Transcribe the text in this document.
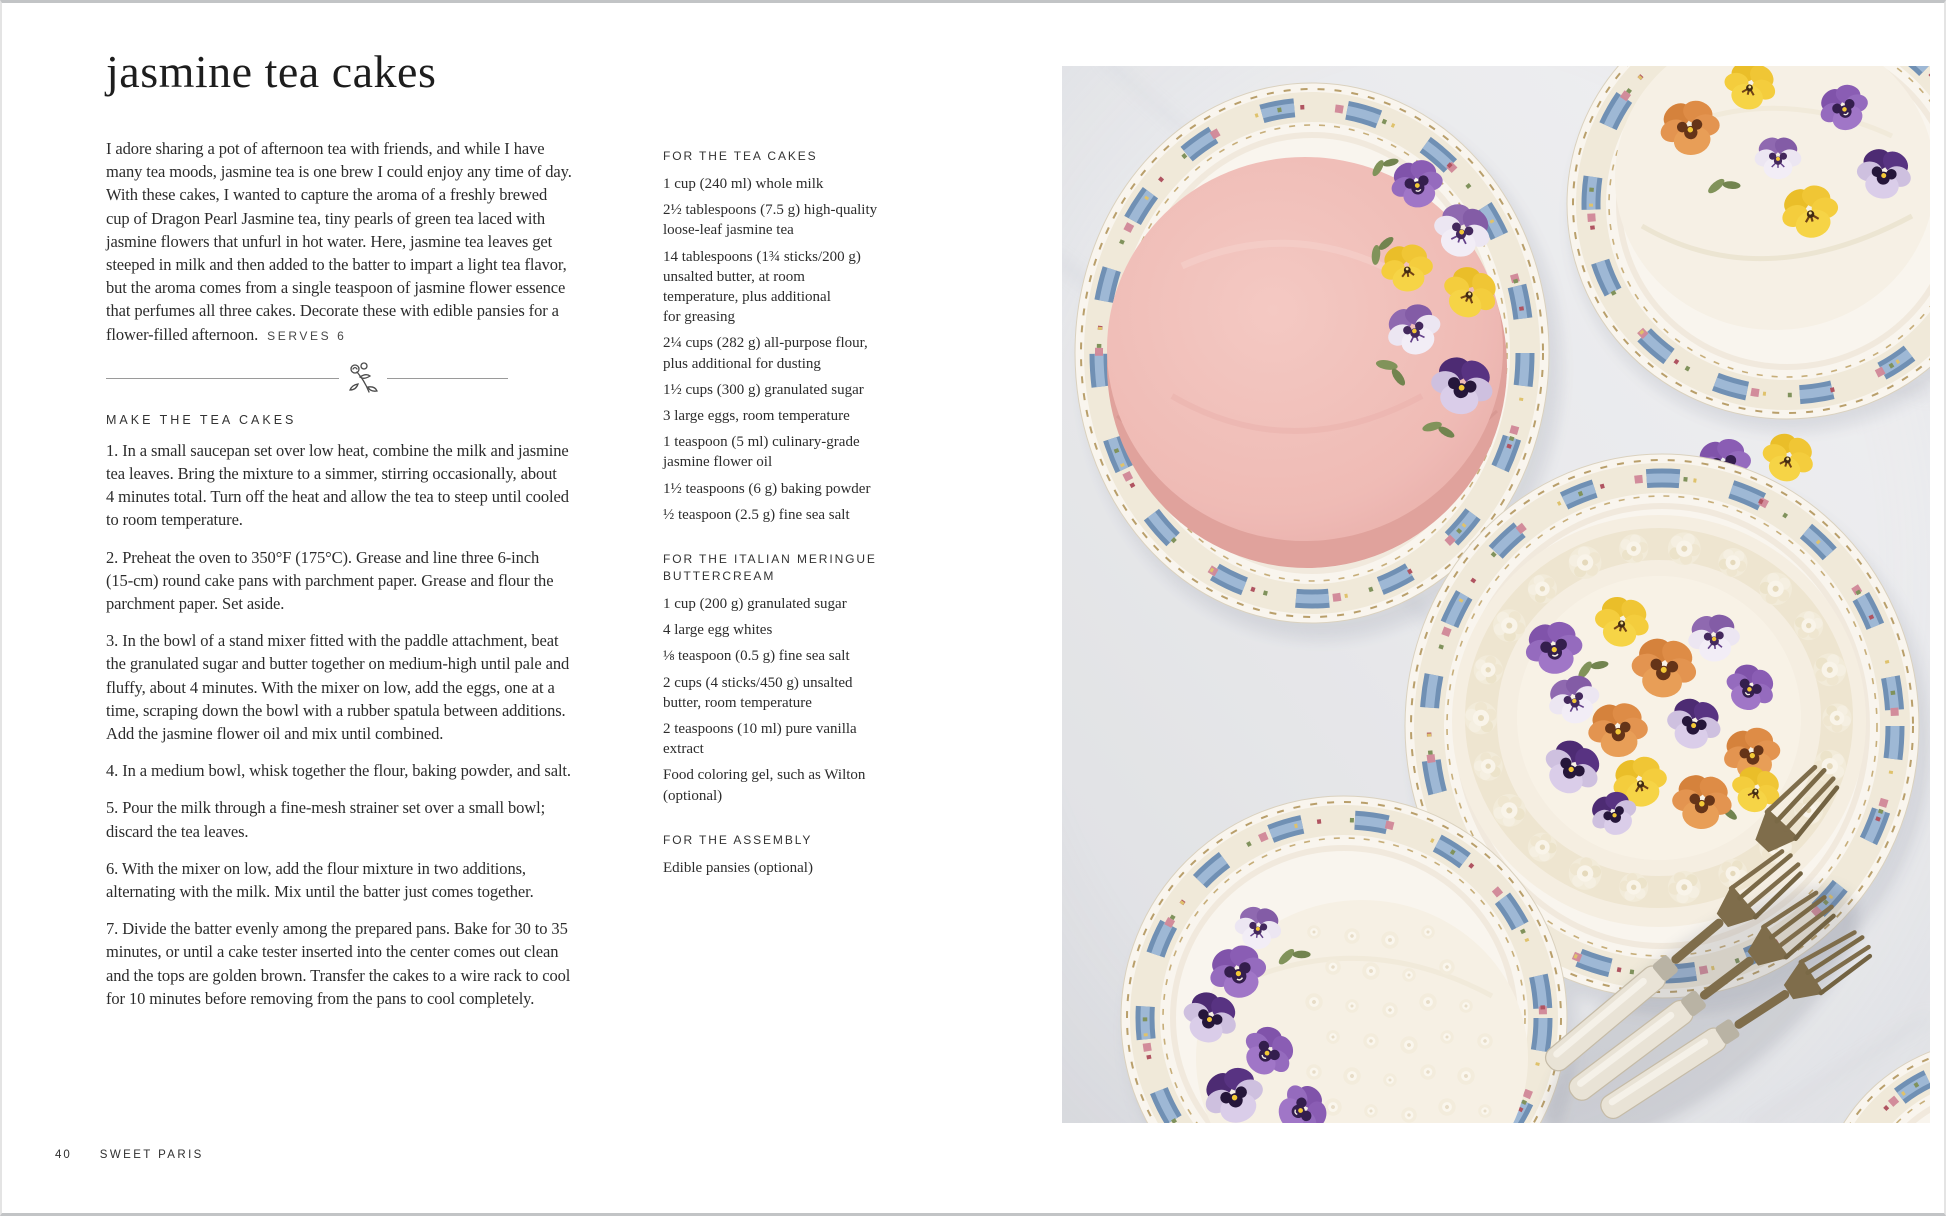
jasmine tea cakes
I adore sharing a pot of afternoon tea with friends, and while I have
many tea moods, jasmine tea is one brew I could enjoy any time of day.
With these cakes, I wanted to capture the aroma of a freshly brewed
cup of Dragon Pearl Jasmine tea, tiny pearls of green tea laced with
jasmine flowers that unfurl in hot water. Here, jasmine tea leaves get
steeped in milk and then added to the batter to impart a light tea flavor,
but the aroma comes from a single teaspoon of jasmine flower essence
that perfumes all three cakes. Decorate these with edible pansies for a
flower-filled afternoon. SERVES 6
MAKE THE TEA CAKES
1. In a small saucepan set over low heat, combine the milk and jasmine
tea leaves. Bring the mixture to a simmer, stirring occasionally, about
4 minutes total. Turn off the heat and allow the tea to steep until cooled
to room temperature.
2. Preheat the oven to 350°F (175°C). Grease and line three 6-inch
(15-cm) round cake pans with parchment paper. Grease and flour the
parchment paper. Set aside.
3. In the bowl of a stand mixer fitted with the paddle attachment, beat
the granulated sugar and butter together on medium-high until pale and
fluffy, about 4 minutes. With the mixer on low, add the eggs, one at a
time, scraping down the bowl with a rubber spatula between additions.
Add the jasmine flower oil and mix until combined.
4. In a medium bowl, whisk together the flour, baking powder, and salt.
5. Pour the milk through a fine-mesh strainer set over a small bowl;
discard the tea leaves.
6. With the mixer on low, add the flour mixture in two additions,
alternating with the milk. Mix until the batter just comes together.
7. Divide the batter evenly among the prepared pans. Bake for 30 to 35
minutes, or until a cake tester inserted into the center comes out clean
and the tops are golden brown. Transfer the cakes to a wire rack to cool
for 10 minutes before removing from the pans to cool completely.
FOR THE TEA CAKES
1 cup (240 ml) whole milk
2½ tablespoons (7.5 g) high-quality
loose-leaf jasmine tea
14 tablespoons (1¾ sticks/200 g)
unsalted butter, at room
temperature, plus additional
for greasing
2¼ cups (282 g) all-purpose flour,
plus additional for dusting
1½ cups (300 g) granulated sugar
3 large eggs, room temperature
1 teaspoon (5 ml) culinary-grade
jasmine flower oil
1½ teaspoons (6 g) baking powder
½ teaspoon (2.5 g) fine sea salt
FOR THE ITALIAN MERINGUE BUTTERCREAM
1 cup (200 g) granulated sugar
4 large egg whites
⅛ teaspoon (0.5 g) fine sea salt
2 cups (4 sticks/450 g) unsalted
butter, room temperature
2 teaspoons (10 ml) pure vanilla
extract
Food coloring gel, such as Wilton
(optional)
FOR THE ASSEMBLY
Edible pansies (optional)
40 SWEET PARIS
